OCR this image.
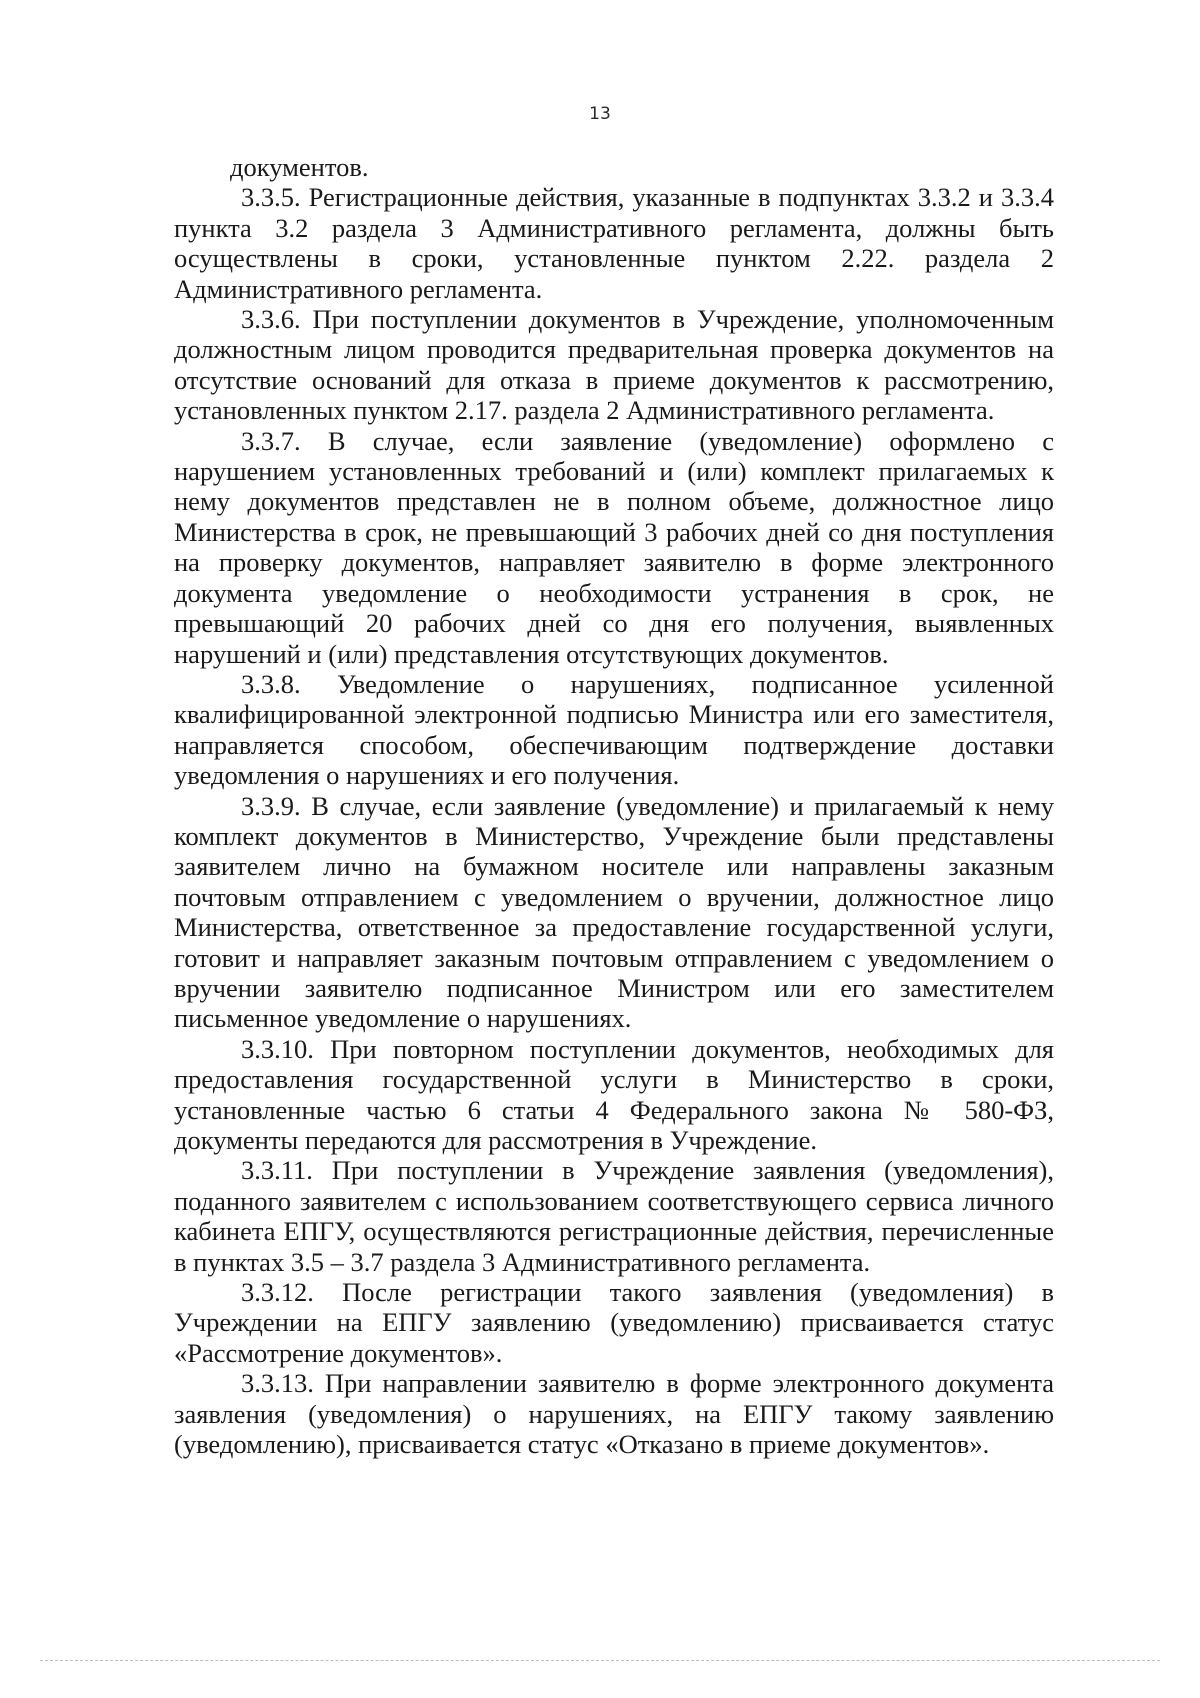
13

документов.

3.3.5. Регистрационные действия, указанные в подпунктах 3.3.2 и 3.3.4 пункта 3.2 раздела 3 Административного регламента, должны быть осуществлены в сроки, установленные пунктом 2.22. раздела 2 Административного регламента.

3.3.6. При поступлении документов в Учреждение, уполномоченным должностным лицом проводится предварительная проверка документов на отсутствие оснований для отказа в приеме документов к рассмотрению, установленных пунктом 2.17. раздела 2 Административного регламента.

3.3.7. В случае, если заявление (уведомление) оформлено с нарушением установленных требований и (или) комплект прилагаемых к нему документов представлен не в полном объеме, должностное лицо Министерства в срок, не превышающий 3 рабочих дней со дня поступления на проверку документов, направляет заявителю в форме электронного документа уведомление о необходимости устранения в срок, не превышающий 20 рабочих дней со дня его получения, выявленных нарушений и (или) представления отсутствующих документов.

3.3.8. Уведомление о нарушениях, подписанное усиленной квалифицированной электронной подписью Министра или его заместителя, направляется способом, обеспечивающим подтверждение доставки уведомления о нарушениях и его получения.

3.3.9. В случае, если заявление (уведомление) и прилагаемый к нему комплект документов в Министерство, Учреждение были представлены заявителем лично на бумажном носителе или направлены заказным почтовым отправлением с уведомлением о вручении, должностное лицо Министерства, ответственное за предоставление государственной услуги, готовит и направляет заказным почтовым отправлением с уведомлением о вручении заявителю подписанное Министром или его заместителем письменное уведомление о нарушениях.

3.3.10. При повторном поступлении документов, необходимых для предоставления государственной услуги в Министерство в сроки, установленные частью 6 статьи 4 Федерального закона № 580-ФЗ, документы передаются для рассмотрения в Учреждение.

3.3.11. При поступлении в Учреждение заявления (уведомления), поданного заявителем с использованием соответствующего сервиса личного кабинета ЕПГУ, осуществляются регистрационные действия, перечисленные в пунктах 3.5 – 3.7 раздела 3 Административного регламента.

3.3.12. После регистрации такого заявления (уведомления) в Учреждении на ЕПГУ заявлению (уведомлению) присваивается статус «Рассмотрение документов».

3.3.13. При направлении заявителю в форме электронного документа заявления (уведомления) о нарушениях, на ЕПГУ такому заявлению (уведомлению), присваивается статус «Отказано в приеме документов».
